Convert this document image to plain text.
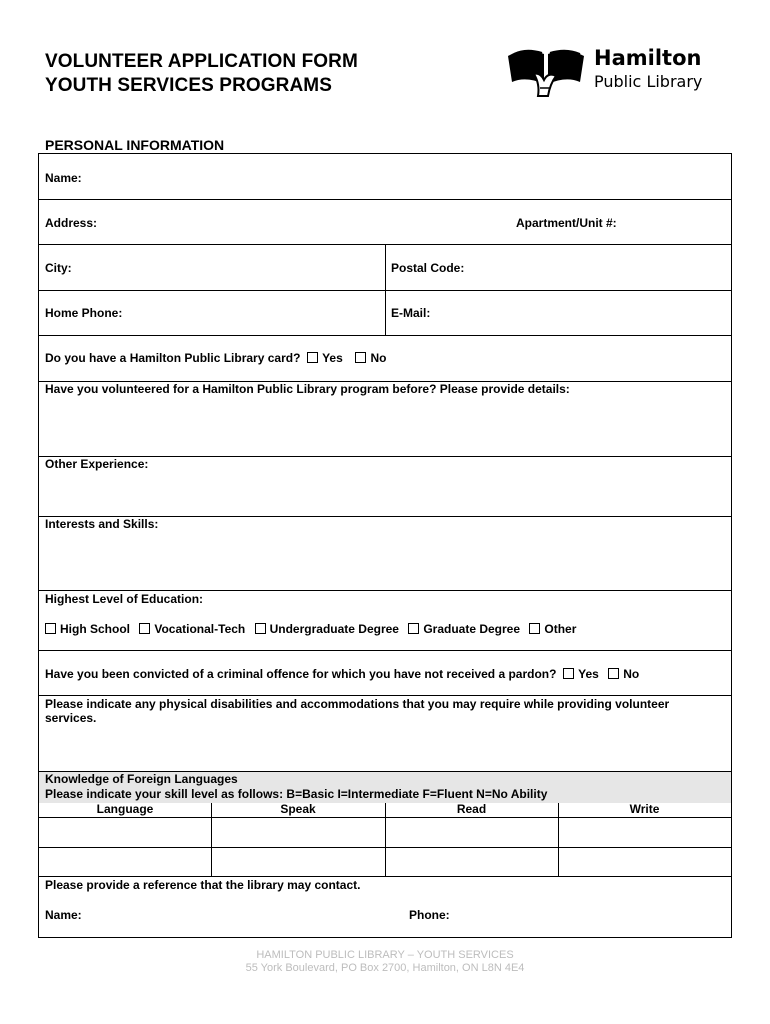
VOLUNTEER APPLICATION FORM
YOUTH SERVICES PROGRAMS
Hamilton
Public Library
PERSONAL INFORMATION
Name:
Address:	Apartment/Unit #:
City:	Postal Code:
Home Phone:	E-Mail:
Do you have a Hamilton Public Library card? Yes No
Have you volunteered for a Hamilton Public Library program before? Please provide details:
Other Experience:
Interests and Skills:
Highest Level of Education:
High School Vocational-Tech Undergraduate Degree Graduate Degree Other
Have you been convicted of a criminal offence for which you have not received a pardon? Yes No
Please indicate any physical disabilities and accommodations that you may require while providing volunteer
services.
Knowledge of Foreign Languages
Please indicate your skill level as follows: B=Basic I=Intermediate F=Fluent N=No Ability
Language	Speak	Read	Write
Please provide a reference that the library may contact.
Name:	Phone:
HAMILTON PUBLIC LIBRARY – YOUTH SERVICES
55 York Boulevard, PO Box 2700, Hamilton, ON L8N 4E4
